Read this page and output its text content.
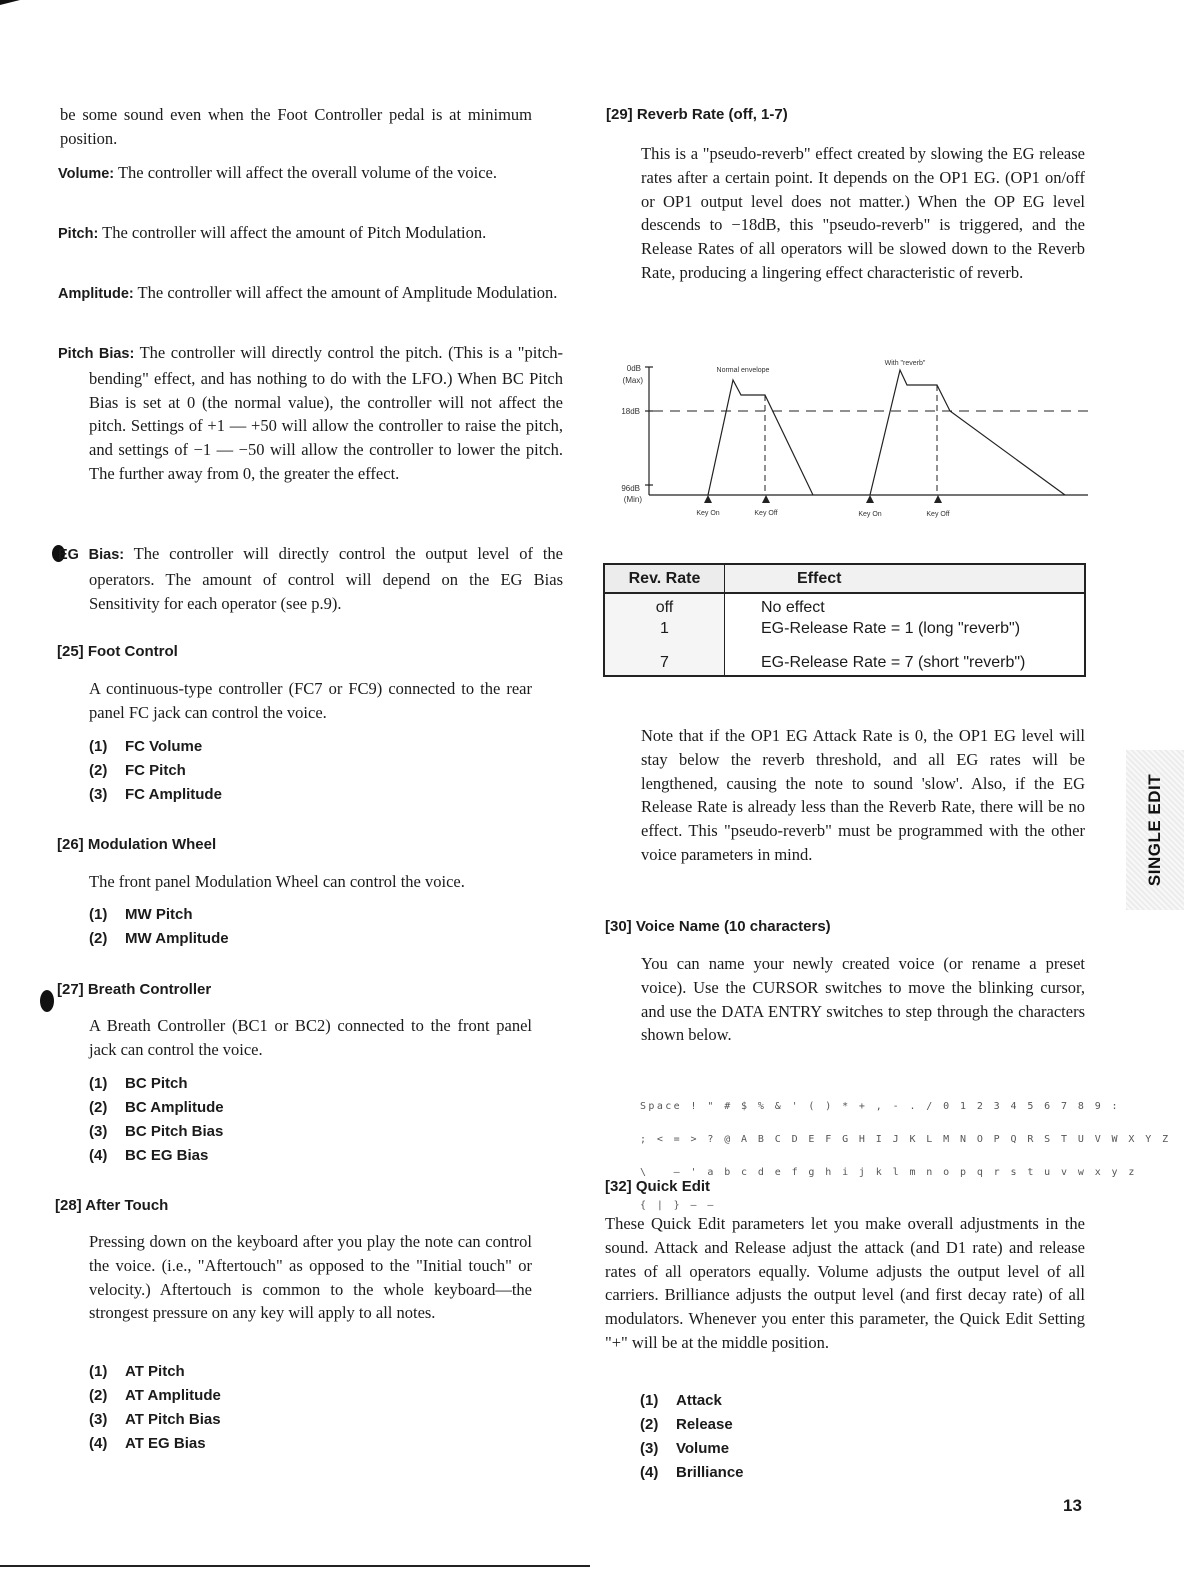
be some sound even when the Foot Controller pedal is at minimum position.

Volume: The controller will affect the overall volume of the voice.
Pitch: The controller will affect the amount of Pitch Modulation.
Amplitude: The controller will affect the amount of Amplitude Modulation.
Pitch Bias: The controller will directly control the pitch. (This is a "pitch-bending" effect, and has nothing to do with the LFO.) When BC Pitch Bias is set at 0 (the normal value), the controller will not affect the pitch. Settings of +1 — +50 will allow the controller to raise the pitch, and settings of −1 — −50 will allow the controller to lower the pitch. The further away from 0, the greater the effect.
EG Bias: The controller will directly control the output level of the operators. The amount of control will depend on the EG Bias Sensitivity for each operator (see p.9).
[25] Foot Control
A continuous-type controller (FC7 or FC9) connected to the rear panel FC jack can control the voice.
(1) FC Volume
(2) FC Pitch
(3) FC Amplitude
[26] Modulation Wheel
The front panel Modulation Wheel can control the voice.
(1) MW Pitch
(2) MW Amplitude
[27] Breath Controller
A Breath Controller (BC1 or BC2) connected to the front panel jack can control the voice.
(1) BC Pitch
(2) BC Amplitude
(3) BC Pitch Bias
(4) BC EG Bias
[28] After Touch
Pressing down on the keyboard after you play the note can control the voice. (i.e., "Aftertouch" as opposed to the "Initial touch" or velocity.) Aftertouch is common to the whole keyboard—the strongest pressure on any key will apply to all notes.
(1) AT Pitch
(2) AT Amplitude
(3) AT Pitch Bias
(4) AT EG Bias
[29] Reverb Rate (off, 1-7)
This is a "pseudo-reverb" effect created by slowing the EG release rates after a certain point. It depends on the OP1 EG. (OP1 on/off or OP1 output level does not matter.) When the OP EG level descends to −18dB, this "pseudo-reverb" is triggered, and the Release Rates of all operators will be slowed down to the Reverb Rate, producing a lingering effect characteristic of reverb.
0dB
(Max)
18dB
96dB
(Min)
Normal envelope
With "reverb"
Key On	Key Off	Key On	Key Off
Rev. Rate	Effect
off	No effect
1	EG-Release Rate = 1 (long "reverb")
7	EG-Release Rate = 7 (short "reverb")
Note that if the OP1 EG Attack Rate is 0, the OP1 EG level will stay below the reverb threshold, and all EG rates will be lengthened, causing the note to sound 'slow'. Also, if the EG Release Rate is already less than the Reverb Rate, there will be no effect. This "pseudo-reverb" must be programmed with the other voice parameters in mind.
[30] Voice Name (10 characters)
You can name your newly created voice (or rename a preset voice). Use the CURSOR switches to move the blinking cursor, and use the DATA ENTRY switches to step through the characters shown below.

Space ! " # $ % & ' ( ) * + , - . / 0 1 2 3 4 5 6 7 8 9 :

; < = > ? @ A B C D E F G H I J K L M N O P Q R S T U V W X Y Z

\   – ' a b c d e f g h i j k l m n o p q r s t u v w x y z

{ | } – –

[32] Quick Edit
These Quick Edit parameters let you make overall adjustments in the sound. Attack and Release adjust the attack (and D1 rate) and release rates of all operators equally. Volume adjusts the output level of all carriers. Brilliance adjusts the output level (and first decay rate) of all modulators. Whenever you enter this parameter, the Quick Edit Setting "+" will be at the middle position.
(1) Attack
(2) Release
(3) Volume
(4) Brilliance
SINGLE EDIT
13
